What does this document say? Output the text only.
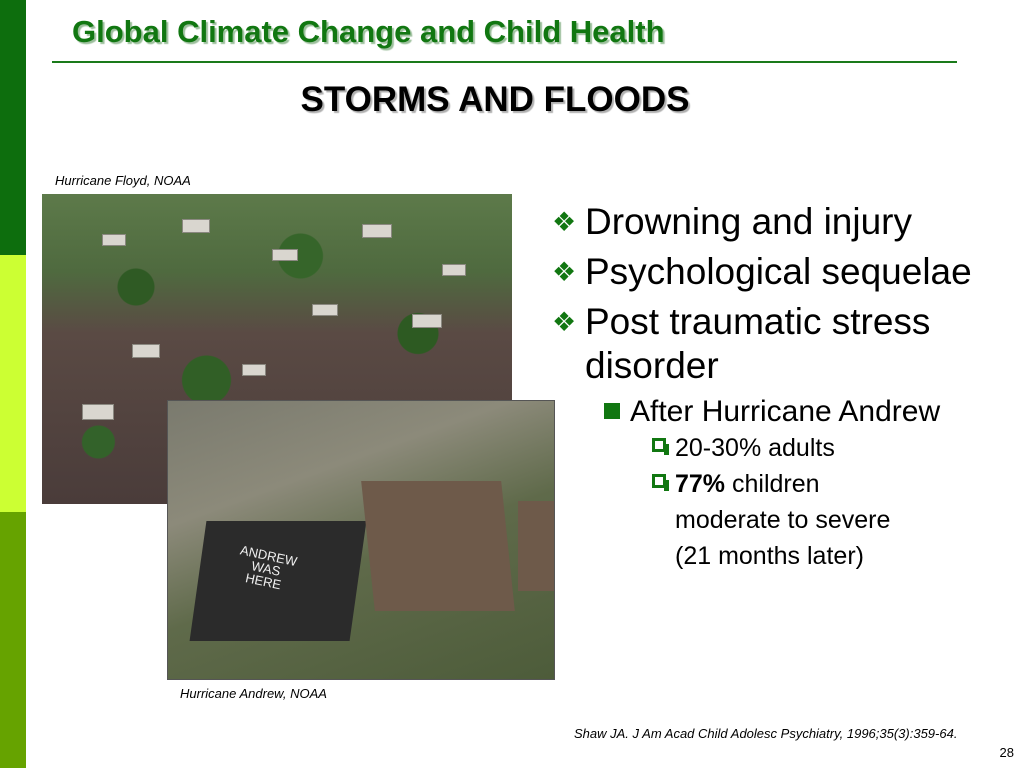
Global Climate Change and Child Health
STORMS AND FLOODS
Hurricane Floyd, NOAA
ANDREW WAS HERE
Hurricane Andrew, NOAA
❖ Drowning and injury
❖ Psychological sequelae
❖ Post traumatic stress disorder
After Hurricane Andrew
20-30% adults
77% children
moderate to severe
(21 months later)
Shaw JA. J Am Acad Child Adolesc Psychiatry, 1996;35(3):359-64.
28
